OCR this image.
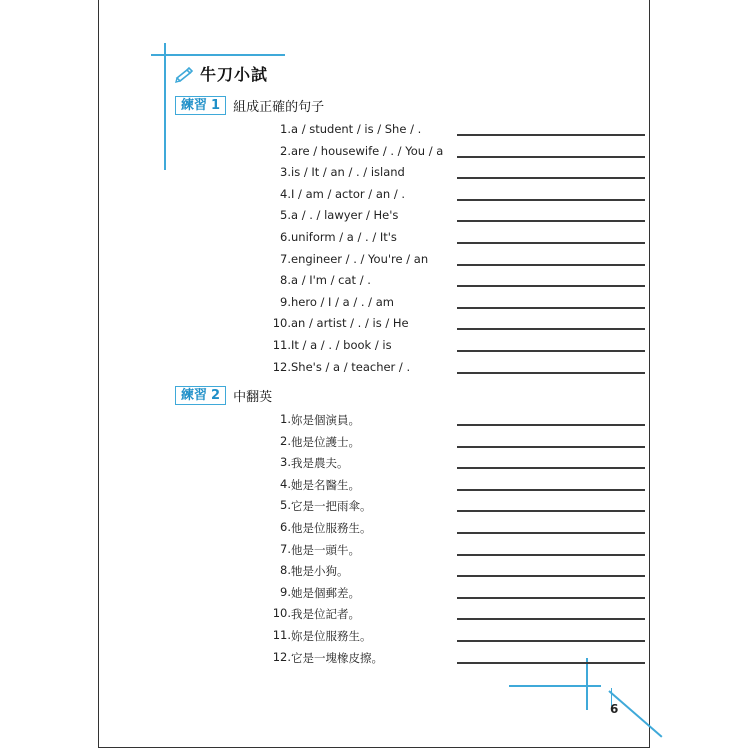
牛刀小試
練習 1	組成正確的句子
1. a / student / is / She / .
2. are / housewife / . / You / a
3. is / It / an / . / island
4. I / am / actor / an / .
5. a / . / lawyer / He's
6. uniform / a / . / It's
7. engineer / . / You're / an
8. a / I'm / cat / .
9. hero / I / a / . / am
10. an / artist / . / is / He
11. It / a / . / book / is
12. She's / a / teacher / .
練習 2	中翻英
1. 妳是個演員。
2. 他是位護士。
3. 我是農夫。
4. 她是名醫生。
5. 它是一把雨傘。
6. 他是位服務生。
7. 他是一頭牛。
8. 牠是小狗。
9. 她是個郵差。
10. 我是位記者。
11. 妳是位服務生。
12. 它是一塊橡皮擦。
6
